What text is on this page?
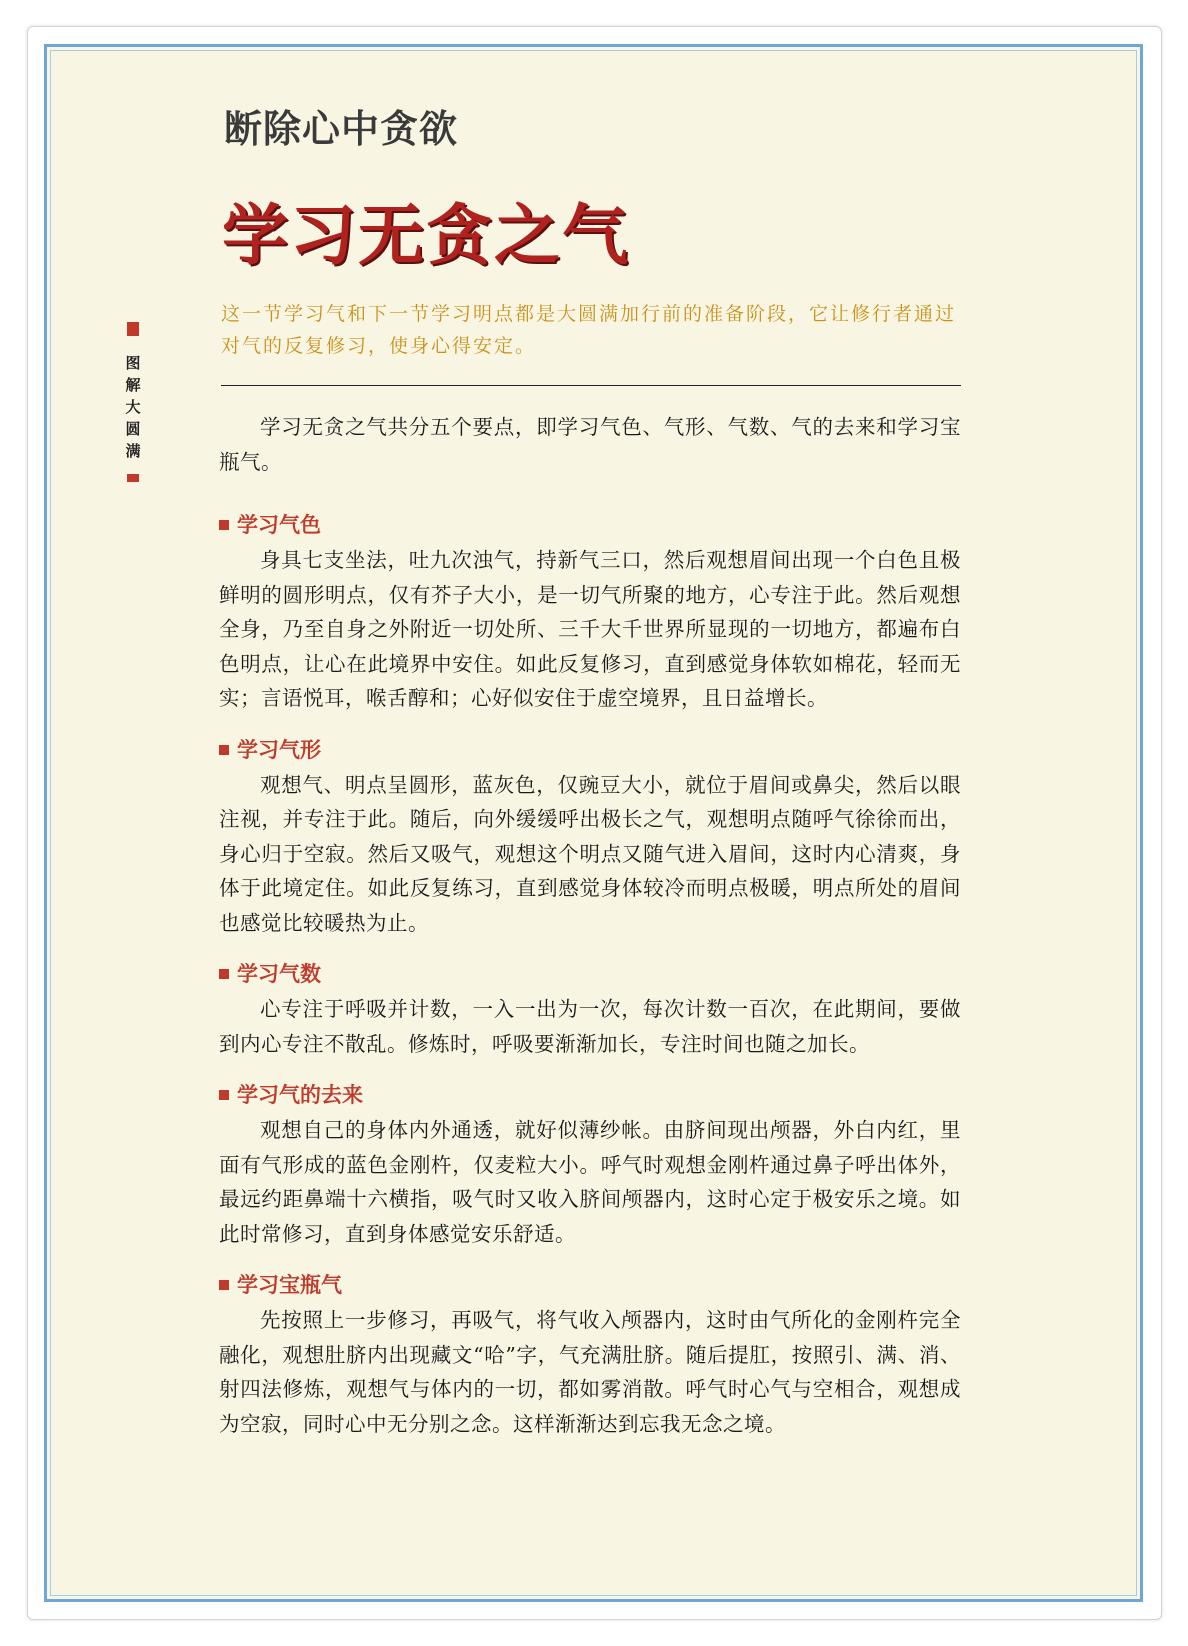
图解大圆满
断除心中贪欲
学习无贪之气

这一节学习气和下一节学习明点都是大圆满加行前的准备阶段，它让修行者通过对气的反复修习，使身心得安定。

学习无贪之气共分五个要点，即学习气色、气形、气数、气的去来和学习宝瓶气。

学习气色

身具七支坐法，吐九次浊气，持新气三口，然后观想眉间出现一个白色且极鲜明的圆形明点，仅有芥子大小，是一切气所聚的地方，心专注于此。然后观想全身，乃至自身之外附近一切处所、三千大千世界所显现的一切地方，都遍布白色明点，让心在此境界中安住。如此反复修习，直到感觉身体软如棉花，轻而无实；言语悦耳，喉舌醇和；心好似安住于虚空境界，且日益增长。

学习气形

观想气、明点呈圆形，蓝灰色，仅豌豆大小，就位于眉间或鼻尖，然后以眼注视，并专注于此。随后，向外缓缓呼出极长之气，观想明点随呼气徐徐而出，身心归于空寂。然后又吸气，观想这个明点又随气进入眉间，这时内心清爽，身体于此境定住。如此反复练习，直到感觉身体较冷而明点极暖，明点所处的眉间也感觉比较暖热为止。

学习气数

心专注于呼吸并计数，一入一出为一次，每次计数一百次，在此期间，要做到内心专注不散乱。修炼时，呼吸要渐渐加长，专注时间也随之加长。

学习气的去来

观想自己的身体内外通透，就好似薄纱帐。由脐间现出颅器，外白内红，里面有气形成的蓝色金刚杵，仅麦粒大小。呼气时观想金刚杵通过鼻子呼出体外，最远约距鼻端十六横指，吸气时又收入脐间颅器内，这时心定于极安乐之境。如此时常修习，直到身体感觉安乐舒适。

学习宝瓶气

先按照上一步修习，再吸气，将气收入颅器内，这时由气所化的金刚杵完全融化，观想肚脐内出现藏文“哈”字，气充满肚脐。随后提肛，按照引、满、消、射四法修炼，观想气与体内的一切，都如雾消散。呼气时心气与空相合，观想成为空寂，同时心中无分别之念。这样渐渐达到忘我无念之境。
